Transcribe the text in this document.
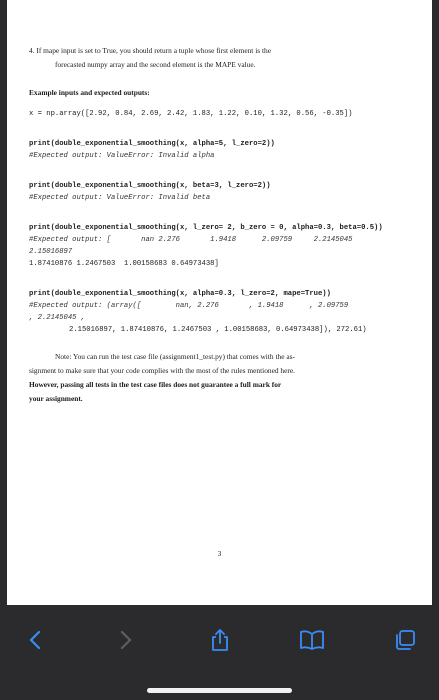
4. If mape input is set to True, you should return a tuple whose first element is the
forecasted numpy array and the second element is the MAPE value.
Example inputs and expected outputs:
x = np.array([2.92, 0.84, 2.69, 2.42, 1.83, 1.22, 0.10, 1.32, 0.56, -0.35])
print(double_exponential_smoothing(x, alpha=5, l_zero=2))
#Expected output: ValueError: Invalid alpha
print(double_exponential_smoothing(x, beta=3, l_zero=2))
#Expected output: ValueError: Invalid beta
print(double_exponential_smoothing(x, l_zero= 2, b_zero = 0, alpha=0.3, beta=0.5))
#Expected output: [       nan 2.276       1.9418      2.09759     2.2145045
2.15016897
1.87410876 1.2467503  1.00158683 0.64973438]
print(double_exponential_smoothing(x, alpha=0.3, l_zero=2, mape=True))
#Expected output: (array([        nan, 2.276       , 1.9418      , 2.09759
, 2.2145045 ,
2.15016897, 1.87410876, 1.2467503 , 1.00158683, 0.64973438]), 272.61)
Note: You can run the test case file (assignment1_test.py) that comes with the as-
signment to make sure that your code complies with the most of the rules mentioned here.
However, passing all tests in the test case files does not guarantee a full mark for
your assignment.
3
